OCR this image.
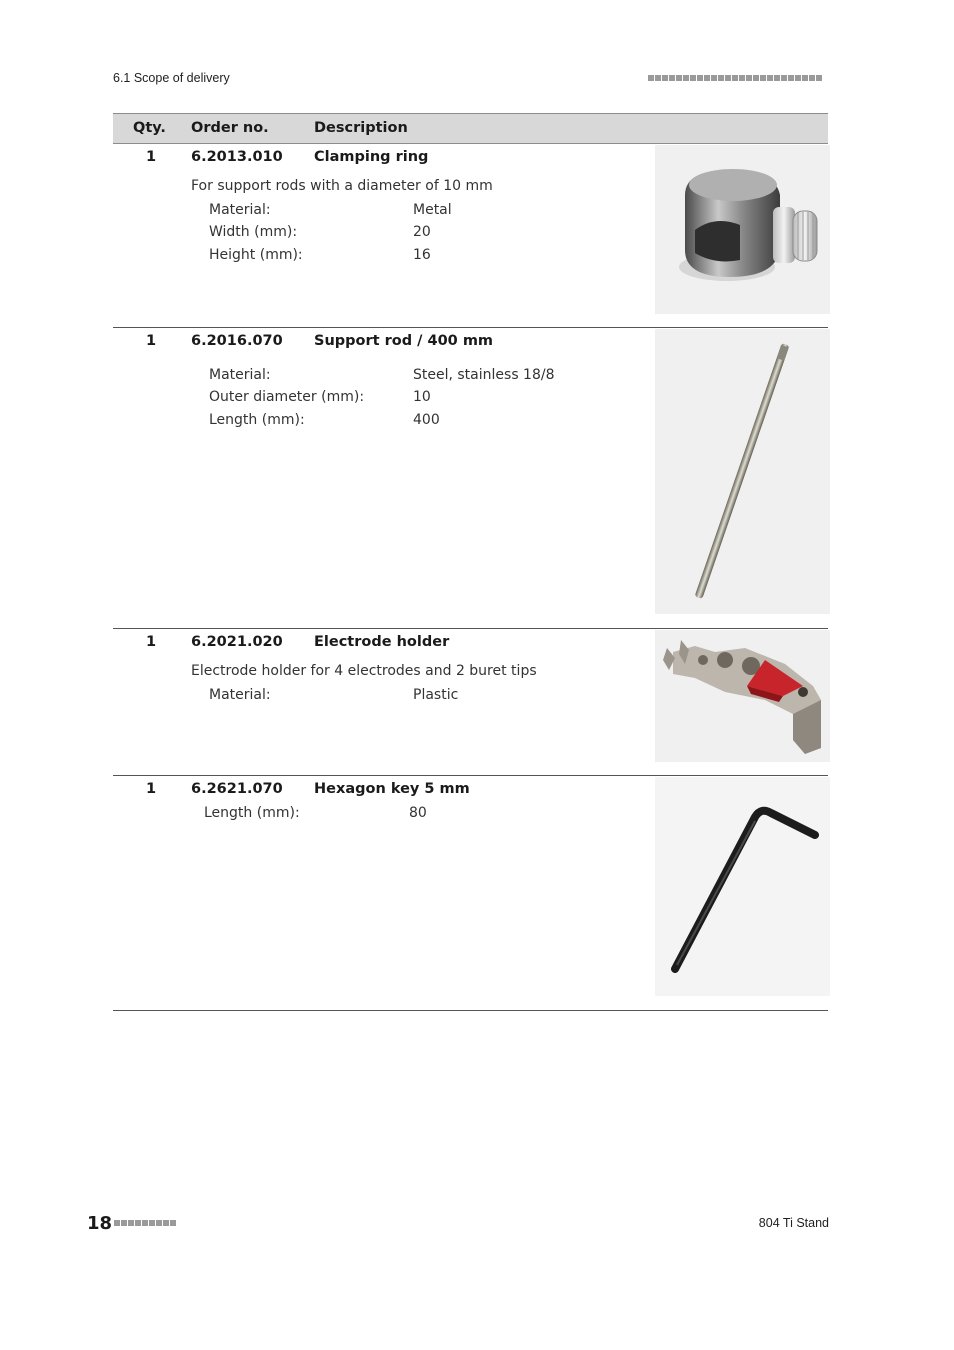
6.1 Scope of delivery
Qty. Order no.	Description
1 6.2013.010 Clamping ring
For support rods with a diameter of 10 mm
Material:	Metal
Width (mm):	20
Height (mm):	16
1 6.2016.070 Support rod / 400 mm
Material:	Steel, stainless 18/8
Outer diameter (mm):	10
Length (mm):	400
1 6.2021.020 Electrode holder
Electrode holder for 4 electrodes and 2 buret tips
Material:	Plastic
1 6.2621.070 Hexagon key 5 mm
Length (mm):	80
18	804 Ti Stand
